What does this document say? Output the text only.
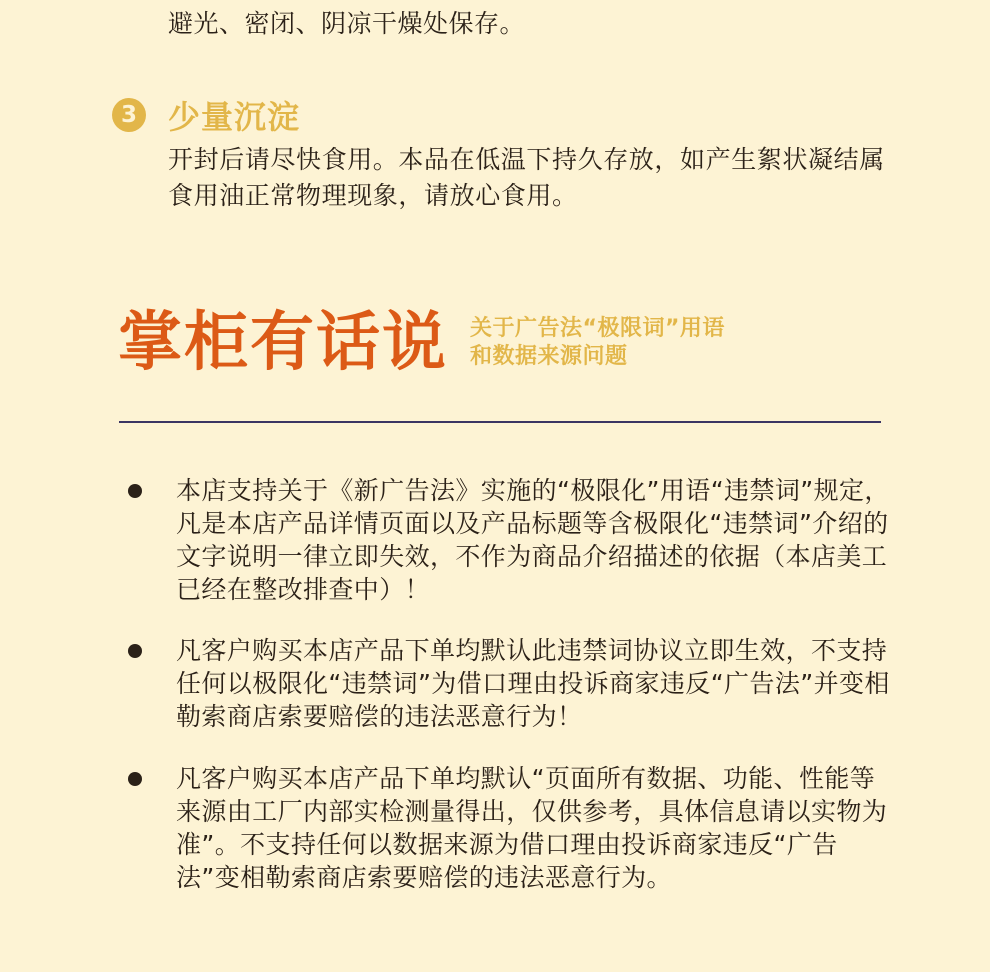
避光、密闭、阴凉干燥处保存。
3 少量沉淀
开封后请尽快食用。本品在低温下持久存放，如产生絮状凝结属食用油正常物理现象，请放心食用。
掌柜有话说 关于广告法“极限词”用语
和数据来源问题
本店支持关于《新广告法》实施的“极限化”用语“违禁词”规定，凡是本店产品详情页面以及产品标题等含极限化“违禁词”介绍的文字说明一律立即失效，不作为商品介绍描述的依据（本店美工已经在整改排查中）！
凡客户购买本店产品下单均默认此违禁词协议立即生效，不支持任何以极限化“违禁词”为借口理由投诉商家违反“广告法”并变相勒索商店索要赔偿的违法恶意行为！
凡客户购买本店产品下单均默认“页面所有数据、功能、性能等来源由工厂内部实检测量得出，仅供参考，具体信息请以实物为准”。不支持任何以数据来源为借口理由投诉商家违反“广告法”变相勒索商店索要赔偿的违法恶意行为。
